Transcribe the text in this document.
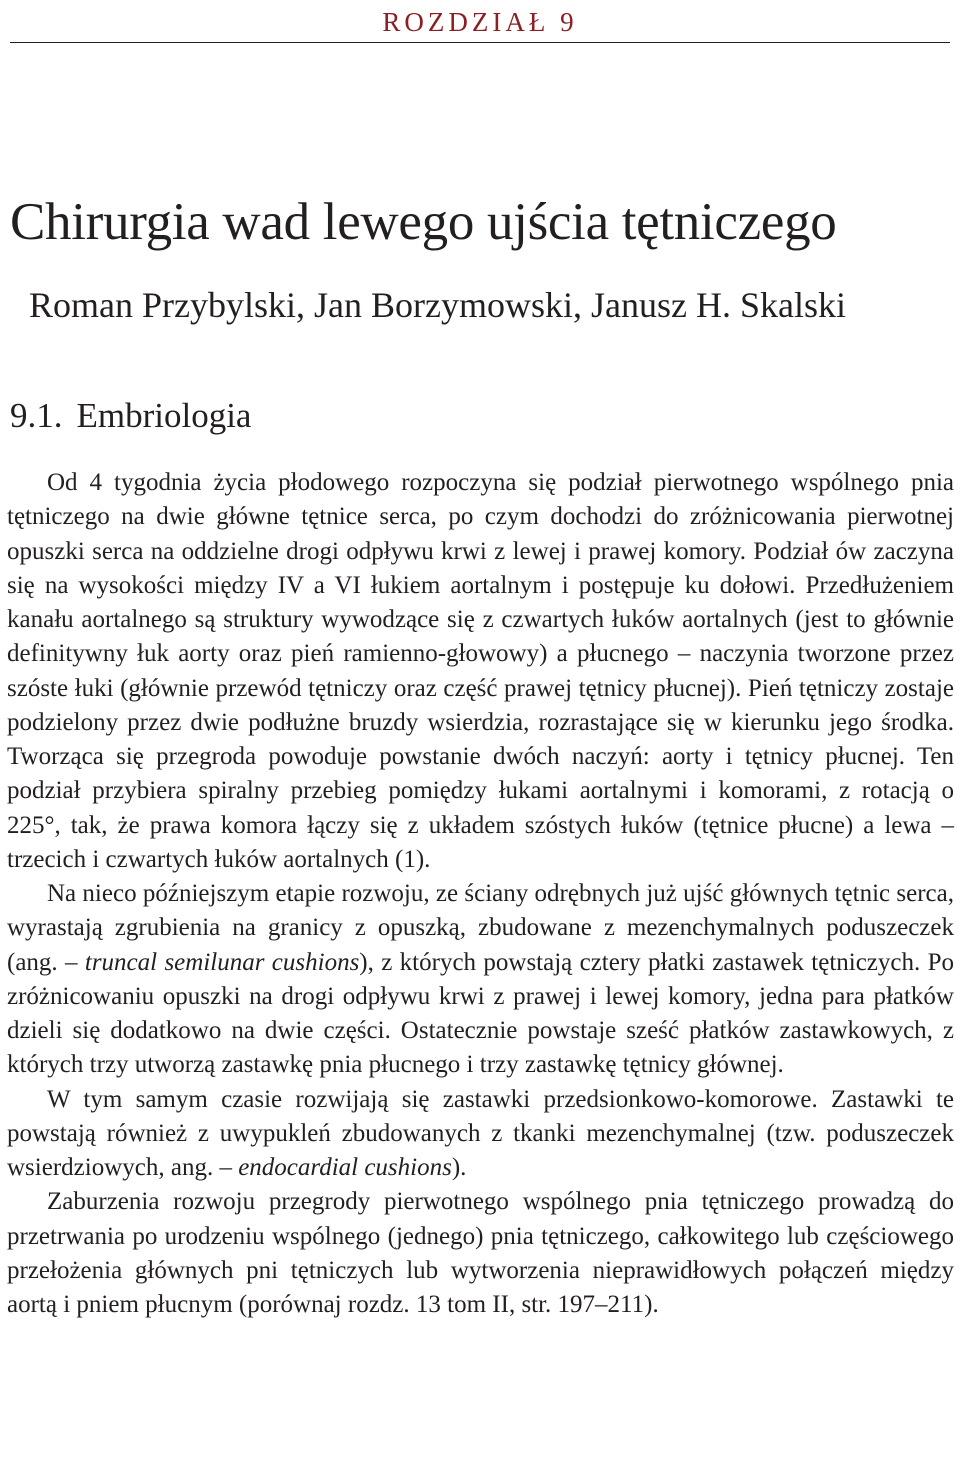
ROZDZIAŁ 9
Chirurgia wad lewego ujścia tętniczego
Roman Przybylski, Jan Borzymowski, Janusz H. Skalski
9.1. Embriologia

Od 4 tygodnia życia płodowego rozpoczyna się podział pierwotnego wspólnego pnia tętniczego na dwie główne tętnice serca, po czym dochodzi do zróżnicowania pierwotnej opuszki serca na oddzielne drogi odpływu krwi z lewej i prawej komory. Podział ów zaczyna się na wysokości między IV a VI łukiem aortalnym i postępuje ku dołowi. Przedłużeniem kanału aortalnego są struktury wywodzące się z czwartych łuków aortalnych (jest to głównie definitywny łuk aorty oraz pień ramienno-głowowy) a płucnego – naczynia tworzone przez szóste łuki (głównie przewód tętniczy oraz część prawej tętnicy płucnej). Pień tętniczy zostaje podzielony przez dwie podłużne bruzdy wsierdzia, rozrastające się w kierunku jego środka. Tworząca się przegroda powoduje powstanie dwóch naczyń: aorty i tętnicy płucnej. Ten podział przybiera spiralny przebieg pomiędzy łukami aortalnymi i komorami, z rotacją o 225°, tak, że prawa komora łączy się z układem szóstych łuków (tętnice płucne) a lewa – trzecich i czwartych łuków aortalnych (1).

Na nieco późniejszym etapie rozwoju, ze ściany odrębnych już ujść głównych tętnic serca, wyrastają zgrubienia na granicy z opuszką, zbudowane z mezenchymalnych poduszeczek (ang. – truncal semilunar cushions), z których powstają cztery płatki zastawek tętniczych. Po zróżnicowaniu opuszki na drogi odpływu krwi z prawej i lewej komory, jedna para płatków dzieli się dodatkowo na dwie części. Ostatecznie powstaje sześć płatków zastawkowych, z których trzy utworzą zastawkę pnia płucnego i trzy zastawkę tętnicy głównej.

W tym samym czasie rozwijają się zastawki przedsionkowo-komorowe. Zastawki te powstają również z uwypukleń zbudowanych z tkanki mezenchymalnej (tzw. poduszeczek wsierdziowych, ang. – endocardial cushions).

Zaburzenia rozwoju przegrody pierwotnego wspólnego pnia tętniczego prowadzą do przetrwania po urodzeniu wspólnego (jednego) pnia tętniczego, całkowitego lub częściowego przełożenia głównych pni tętniczych lub wytworzenia nieprawidłowych połączeń między aortą i pniem płucnym (porównaj rozdz. 13 tom II, str. 197–211).
